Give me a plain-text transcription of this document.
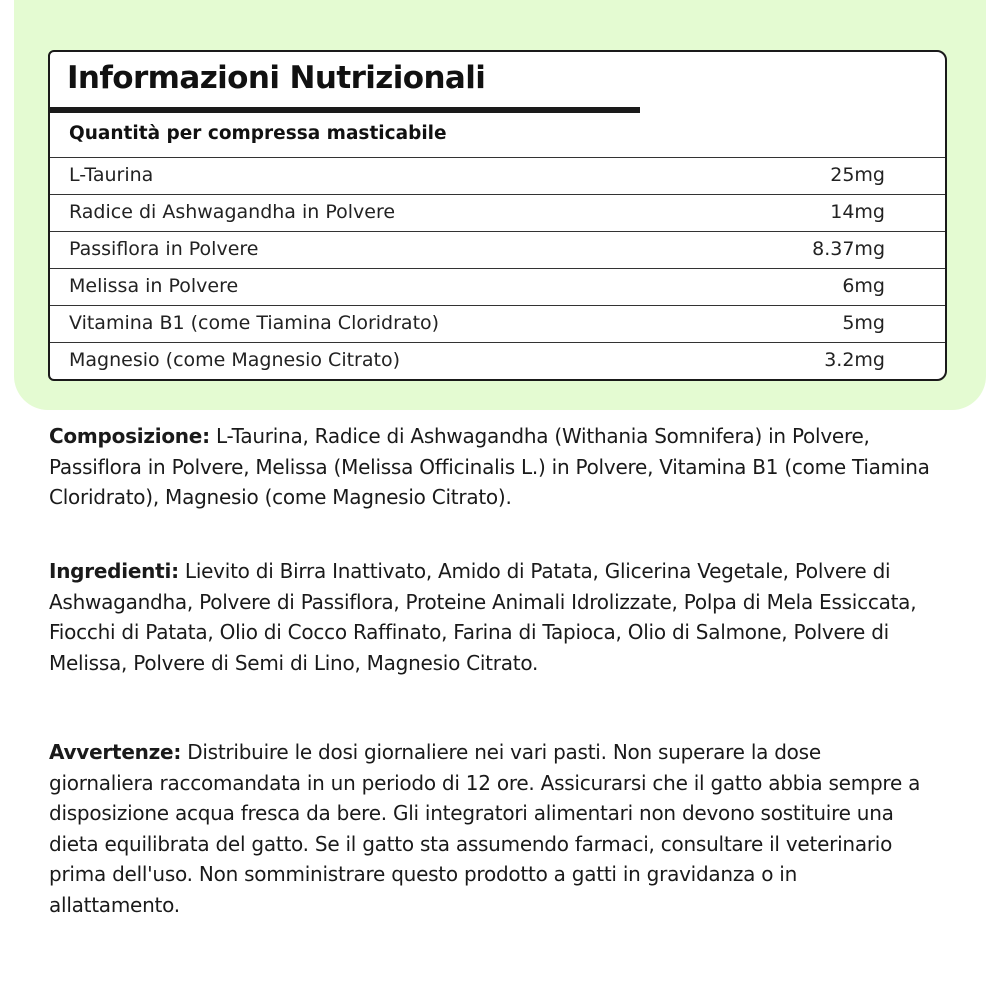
Informazioni Nutrizionali
Quantità per compressa masticabile
L-Taurina	25mg
Radice di Ashwagandha in Polvere	14mg
Passiflora in Polvere	8.37mg
Melissa in Polvere	6mg
Vitamina B1 (come Tiamina Cloridrato)	5mg
Magnesio (come Magnesio Citrato)	3.2mg

Composizione: L-Taurina, Radice di Ashwagandha (Withania Somnifera) in Polvere, Passiflora in Polvere, Melissa (Melissa Officinalis L.) in Polvere, Vitamina B1 (come Tiamina Cloridrato), Magnesio (come Magnesio Citrato).

Ingredienti: Lievito di Birra Inattivato, Amido di Patata, Glicerina Vegetale, Polvere di Ashwagandha, Polvere di Passiflora, Proteine Animali Idrolizzate, Polpa di Mela Essiccata, Fiocchi di Patata, Olio di Cocco Raffinato, Farina di Tapioca, Olio di Salmone, Polvere di Melissa, Polvere di Semi di Lino, Magnesio Citrato.

Avvertenze: Distribuire le dosi giornaliere nei vari pasti. Non superare la dose giornaliera raccomandata in un periodo di 12 ore. Assicurarsi che il gatto abbia sempre a disposizione acqua fresca da bere. Gli integratori alimentari non devono sostituire una dieta equilibrata del gatto. Se il gatto sta assumendo farmaci, consultare il veterinario prima dell'uso. Non somministrare questo prodotto a gatti in gravidanza o in allattamento.
